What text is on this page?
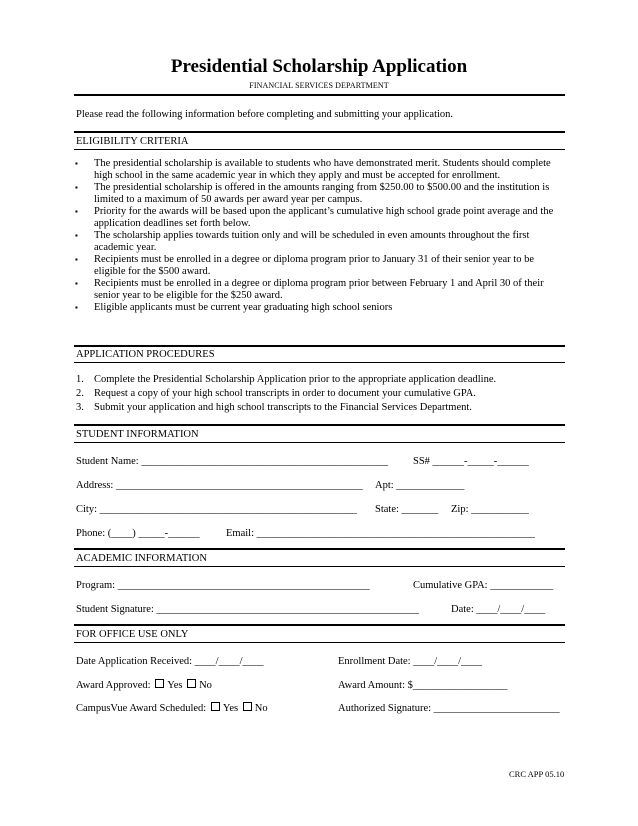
Presidential Scholarship Application
FINANCIAL SERVICES DEPARTMENT
Please read the following information before completing and submitting your application.
ELIGIBILITY CRITERIA
▪ The presidential scholarship is available to students who have demonstrated merit. Students should complete high school in the same academic year in which they apply and must be accepted for enrollment.
▪ The presidential scholarship is offered in the amounts ranging from $250.00 to $500.00 and the institution is limited to a maximum of 50 awards per award year per campus.
▪ Priority for the awards will be based upon the applicant’s cumulative high school grade point average and the application deadlines set forth below.
▪ The scholarship applies towards tuition only and will be scheduled in even amounts throughout the first academic year.
▪ Recipients must be enrolled in a degree or diploma program prior to January 31 of their senior year to be eligible for the $500 award.
▪ Recipients must be enrolled in a degree or diploma program prior between February 1 and April 30 of their senior year to be eligible for the $250 award.
▪ Eligible applicants must be current year graduating high school seniors
APPLICATION PROCEDURES
1. Complete the Presidential Scholarship Application prior to the appropriate application deadline.
2. Request a copy of your high school transcripts in order to document your cumulative GPA.
3. Submit your application and high school transcripts to the Financial Services Department.
STUDENT INFORMATION
Student Name: _______________________________________________ SS# ______-_____-______
Address: _______________________________________________ Apt: _____________
City: _________________________________________________ State: _______ Zip: ___________
Phone: (____) _____-______	Email: _____________________________________________________
ACADEMIC INFORMATION
Program: ________________________________________________	Cumulative GPA: ____________
Student Signature: __________________________________________________	Date: ____/____/____
FOR OFFICE USE ONLY
Date Application Received: ____/____/____	Enrollment Date: ____/____/____
Award Approved: Yes No	Award Amount: $__________________
CampusVue Award Scheduled: Yes No	Authorized Signature: ________________________
CRC APP 05.10
